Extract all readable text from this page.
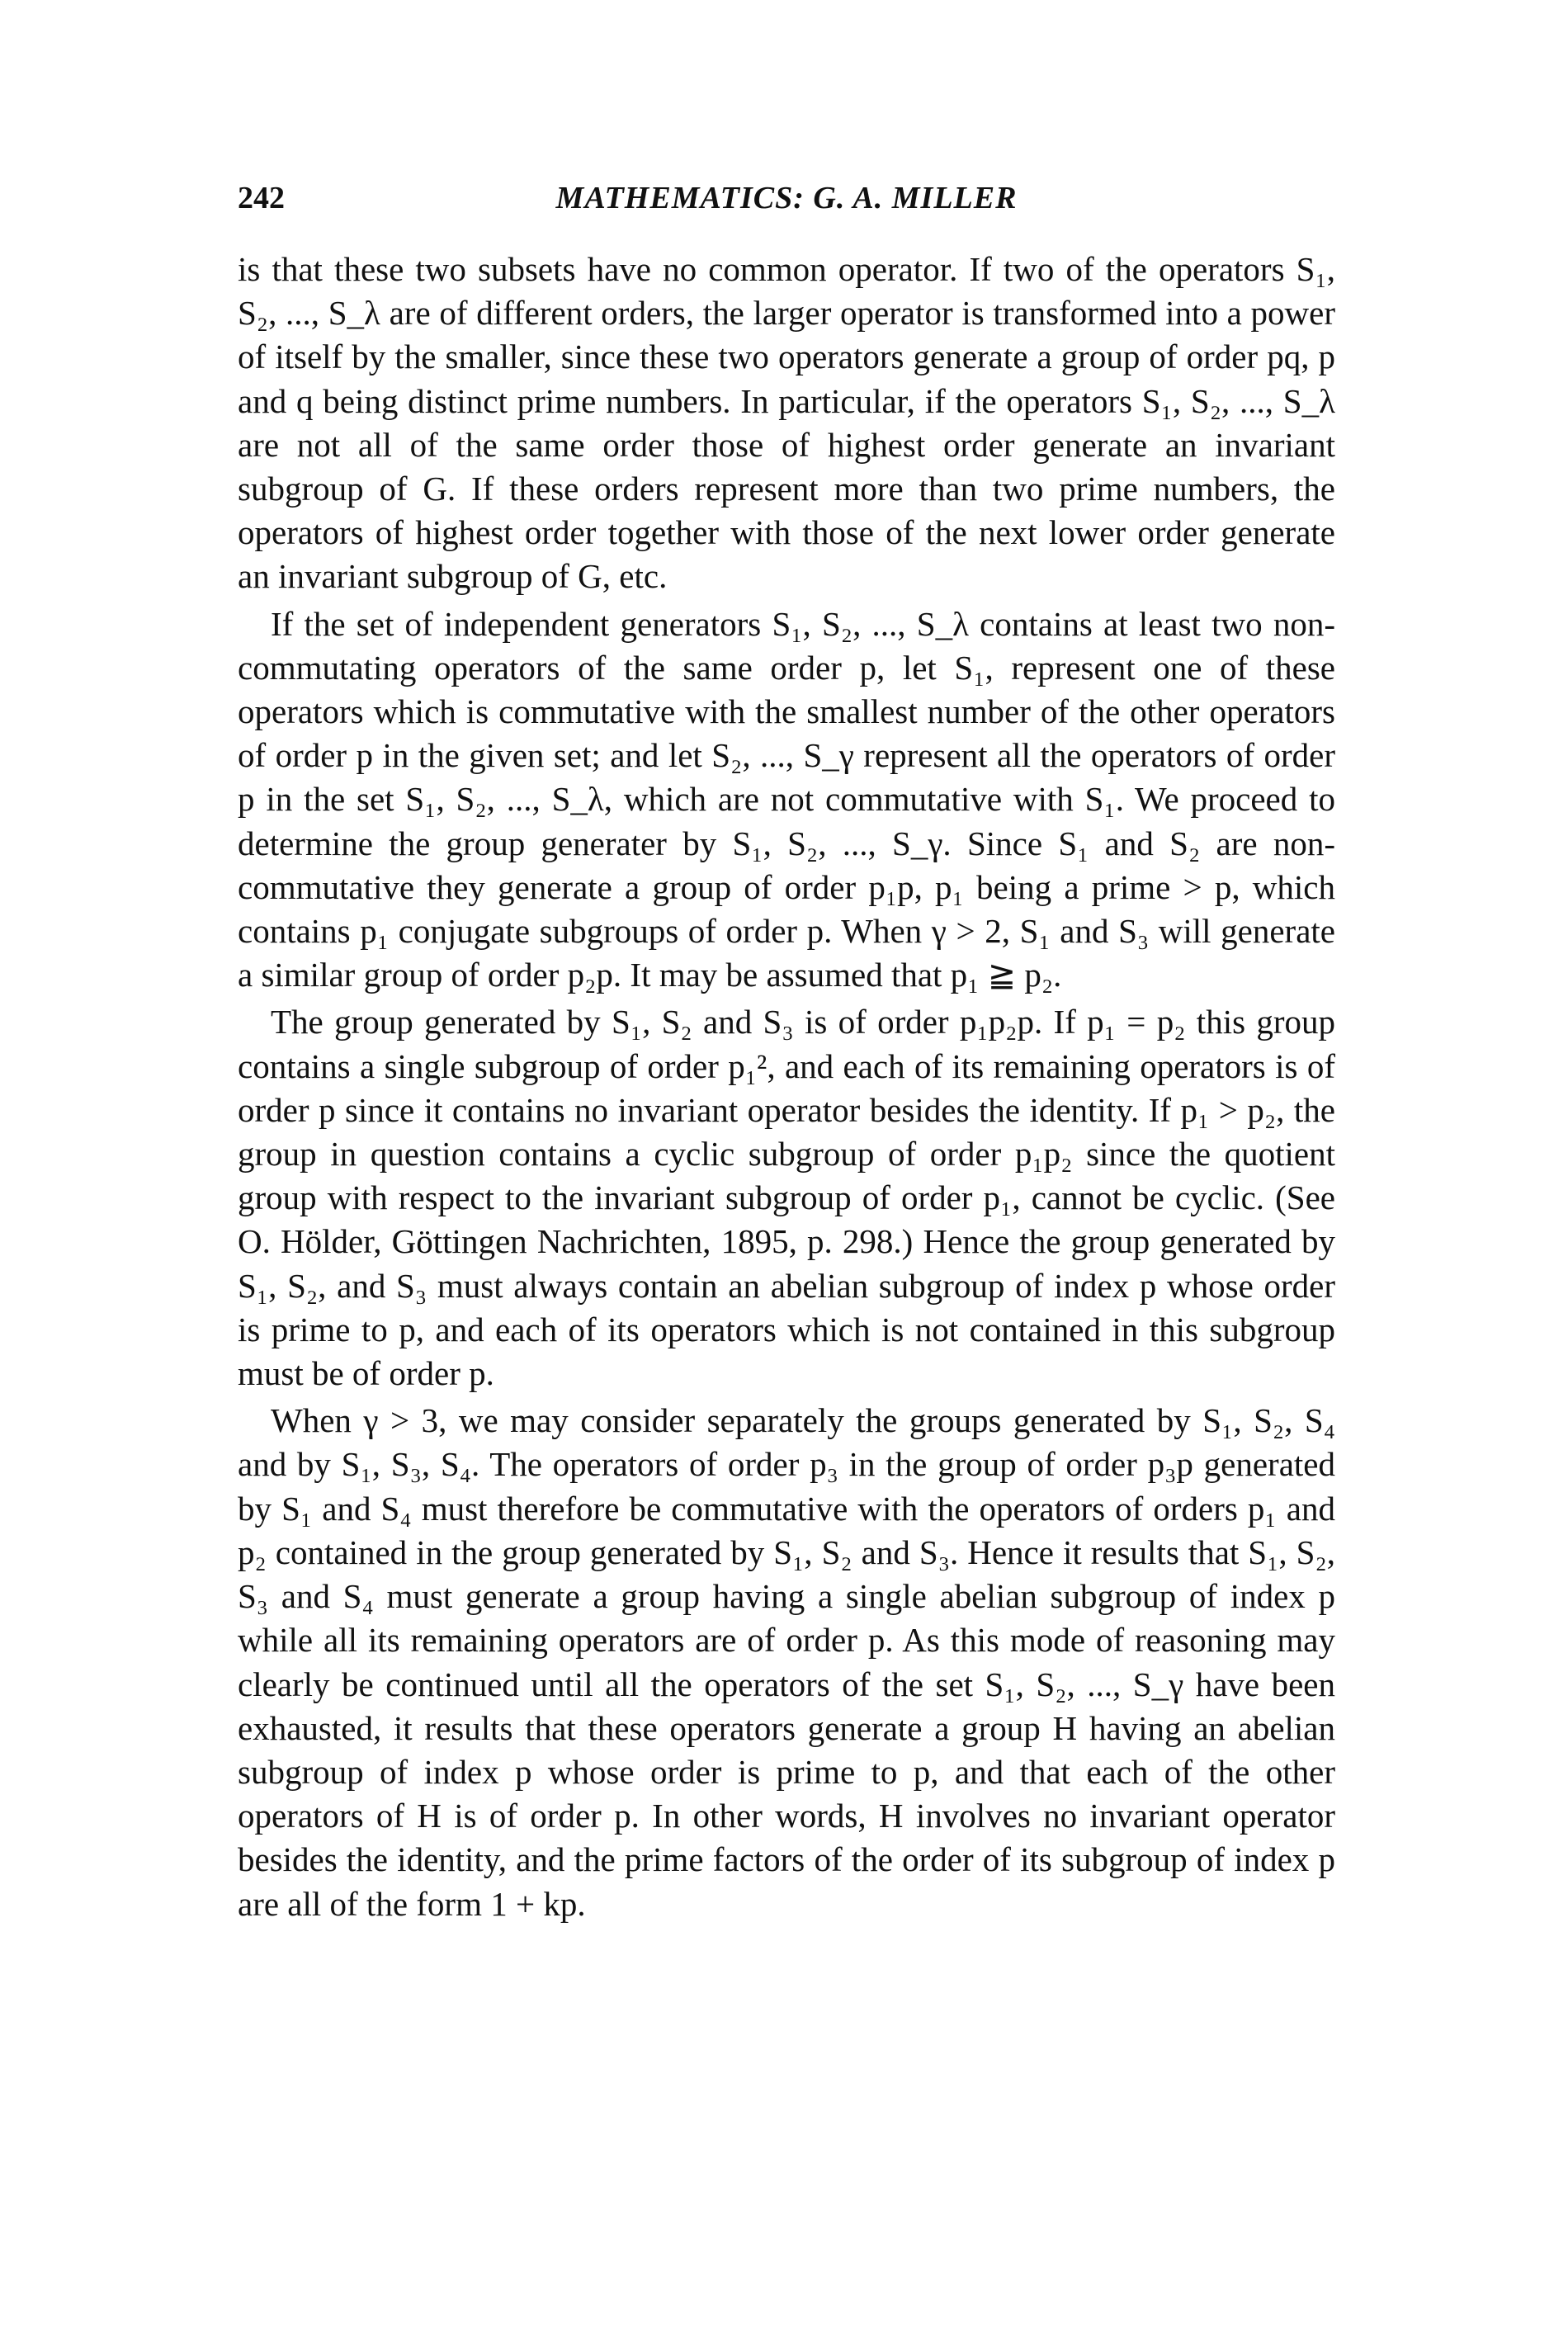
242	MATHEMATICS: G. A. MILLER

is that these two subsets have no common operator. If two of the operators S₁, S₂, ..., S_λ are of different orders, the larger operator is transformed into a power of itself by the smaller, since these two operators generate a group of order pq, p and q being distinct prime numbers. In particular, if the operators S₁, S₂, ..., S_λ are not all of the same order those of highest order generate an invariant subgroup of G. If these orders represent more than two prime numbers, the operators of highest order together with those of the next lower order generate an invariant subgroup of G, etc.

If the set of independent generators S₁, S₂, ..., S_λ contains at least two non-commutating operators of the same order p, let S₁, represent one of these operators which is commutative with the smallest number of the other operators of order p in the given set; and let S₂, ..., S_γ represent all the operators of order p in the set S₁, S₂, ..., S_λ, which are not commutative with S₁. We proceed to determine the group generater by S₁, S₂, ..., S_γ. Since S₁ and S₂ are non-commutative they generate a group of order p₁p, p₁ being a prime > p, which contains p₁ conjugate subgroups of order p. When γ > 2, S₁ and S₃ will generate a similar group of order p₂p. It may be assumed that p₁ ≧ p₂.

The group generated by S₁, S₂ and S₃ is of order p₁p₂p. If p₁ = p₂ this group contains a single subgroup of order p₁², and each of its remaining operators is of order p since it contains no invariant operator besides the identity. If p₁ > p₂, the group in question contains a cyclic subgroup of order p₁p₂ since the quotient group with respect to the invariant subgroup of order p₁, cannot be cyclic. (See O. Hölder, Göttingen Nachrichten, 1895, p. 298.) Hence the group generated by S₁, S₂, and S₃ must always contain an abelian subgroup of index p whose order is prime to p, and each of its operators which is not contained in this subgroup must be of order p.

When γ > 3, we may consider separately the groups generated by S₁, S₂, S₄ and by S₁, S₃, S₄. The operators of order p₃ in the group of order p₃p generated by S₁ and S₄ must therefore be commutative with the operators of orders p₁ and p₂ contained in the group generated by S₁, S₂ and S₃. Hence it results that S₁, S₂, S₃ and S₄ must generate a group having a single abelian subgroup of index p while all its remaining operators are of order p. As this mode of reasoning may clearly be continued until all the operators of the set S₁, S₂, ..., S_γ have been exhausted, it results that these operators generate a group H having an abelian subgroup of index p whose order is prime to p, and that each of the other operators of H is of order p. In other words, H involves no invariant operator besides the identity, and the prime factors of the order of its subgroup of index p are all of the form 1 + kp.
